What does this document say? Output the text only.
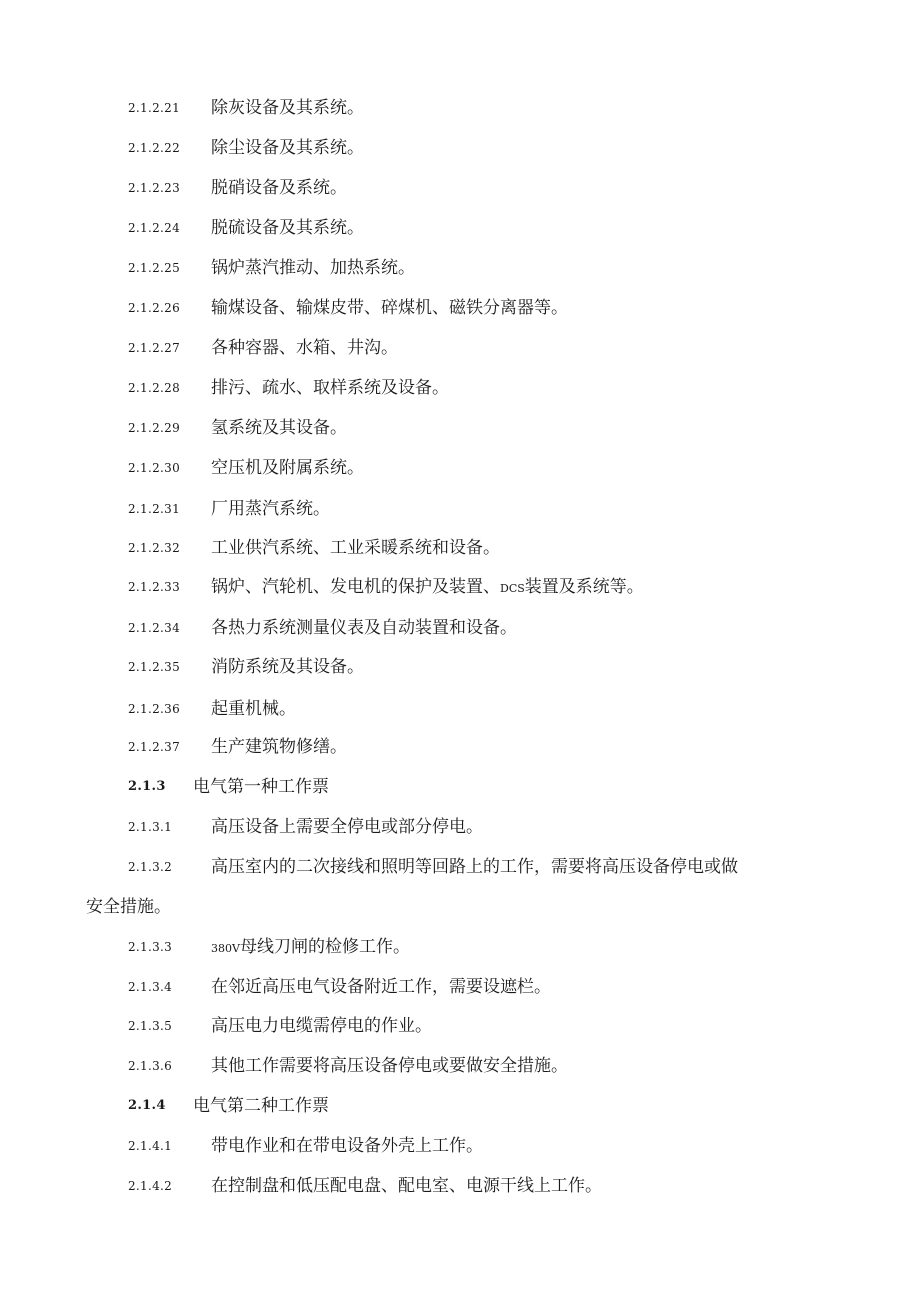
2.1.2.21 除灰设备及其系统。
2.1.2.22 除尘设备及其系统。
2.1.2.23 脱硝设备及系统。
2.1.2.24 脱硫设备及其系统。
2.1.2.25 锅炉蒸汽推动、加热系统。
2.1.2.26 输煤设备、输煤皮带、碎煤机、磁铁分离器等。
2.1.2.27 各种容器、水箱、井沟。
2.1.2.28 排污、疏水、取样系统及设备。
2.1.2.29 氢系统及其设备。
2.1.2.30 空压机及附属系统。
2.1.2.31 厂用蒸汽系统。
2.1.2.32 工业供汽系统、工业采暖系统和设备。
2.1.2.33 锅炉、汽轮机、发电机的保护及装置、DCS装置及系统等。
2.1.2.34 各热力系统测量仪表及自动装置和设备。
2.1.2.35 消防系统及其设备。
2.1.2.36 起重机械。
2.1.2.37 生产建筑物修缮。
2.1.3 电气第一种工作票
2.1.3.1 高压设备上需要全停电或部分停电。
2.1.3.2 高压室内的二次接线和照明等回路上的工作，需要将高压设备停电或做
安全措施。
2.1.3.3	380V母线刀闸的检修工作。
2.1.3.4 在邻近高压电气设备附近工作，需要设遮栏。
2.1.3.5 高压电力电缆需停电的作业。
2.1.3.6 其他工作需要将高压设备停电或要做安全措施。
2.1.4 电气第二种工作票
2.1.4.1 带电作业和在带电设备外壳上工作。
2.1.4.2 在控制盘和低压配电盘、配电室、电源干线上工作。
